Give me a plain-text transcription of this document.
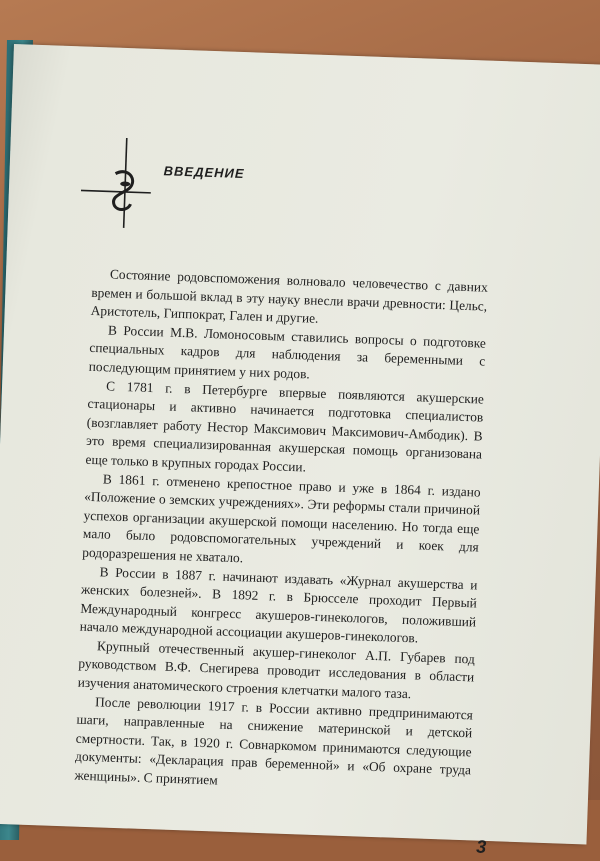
ВВЕДЕНИЕ

Состояние родовспоможения волновало человечество с давних времен и большой вклад в эту науку внесли врачи древности: Цельс, Аристотель, Гиппократ, Гален и другие.

В России М.В. Ломоносовым ставились вопросы о подготовке специальных кадров для наблюдения за беременными с последующим принятием у них родов.

С 1781 г. в Петербурге впервые появляются акушерские стационары и активно начинается подготовка специалистов (возглавляет работу Нестор Максимович Максимович-Амбодик). В это время специализированная акушерская помощь организована еще только в крупных городах России.

В 1861 г. отменено крепостное право и уже в 1864 г. издано «Положение о земских учреждениях». Эти реформы стали причиной успехов организации акушерской помощи населению. Но тогда еще мало было родовспомогательных учреждений и коек для родоразрешения не хватало.

В России в 1887 г. начинают издавать «Журнал акушерства и женских болезней». В 1892 г. в Брюсселе проходит Первый Международный конгресс акушеров-гинекологов, положивший начало международной ассоциации акушеров-гинекологов.

Крупный отечественный акушер-гинеколог А.П. Губарев под руководством В.Ф. Снегирева проводит исследования в области изучения анатомического строения клетчатки малого таза.

После революции 1917 г. в России активно предпринимаются шаги, направленные на снижение материнской и детской смертности. Так, в 1920 г. Совнаркомом принимаются следующие документы: «Декларация прав беременной» и «Об охране труда женщины». С принятием

3
